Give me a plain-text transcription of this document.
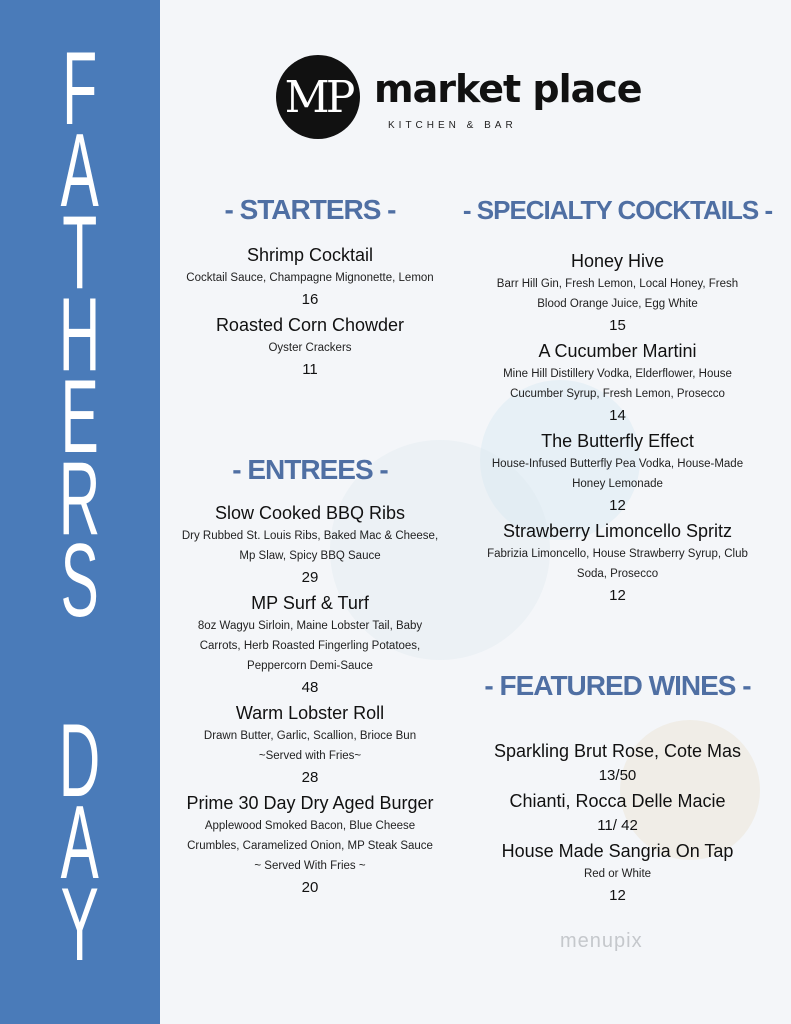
F
A
T
H
E
R
S
D
A
Y
MP market place
KITCHEN & BAR
- STARTERS -
Shrimp Cocktail
Cocktail Sauce, Champagne Mignonette, Lemon
16
Roasted Corn Chowder
Oyster Crackers
11
- ENTREES -
Slow Cooked BBQ Ribs
Dry Rubbed St. Louis Ribs, Baked Mac & Cheese,
Mp Slaw, Spicy BBQ Sauce
29
MP Surf & Turf
8oz Wagyu Sirloin, Maine Lobster Tail, Baby
Carrots, Herb Roasted Fingerling Potatoes,
Peppercorn Demi-Sauce
48
Warm Lobster Roll
Drawn Butter, Garlic, Scallion, Brioce Bun
~Served with Fries~
28
Prime 30 Day Dry Aged Burger
Applewood Smoked Bacon, Blue Cheese
Crumbles, Caramelized Onion, MP Steak Sauce
~ Served With Fries ~
20
- SPECIALTY COCKTAILS -
Honey Hive
Barr Hill Gin, Fresh Lemon, Local Honey, Fresh
Blood Orange Juice, Egg White
15
A Cucumber Martini
Mine Hill Distillery Vodka, Elderflower, House
Cucumber Syrup, Fresh Lemon, Prosecco
14
The Butterfly Effect
House-Infused Butterfly Pea Vodka, House-Made
Honey Lemonade
12
Strawberry Limoncello Spritz
Fabrizia Limoncello, House Strawberry Syrup, Club
Soda, Prosecco
12
- FEATURED WINES -
Sparkling Brut Rose, Cote Mas
13/50
Chianti, Rocca Delle Macie
11/ 42
House Made Sangria On Tap
Red or White
12
menupix
